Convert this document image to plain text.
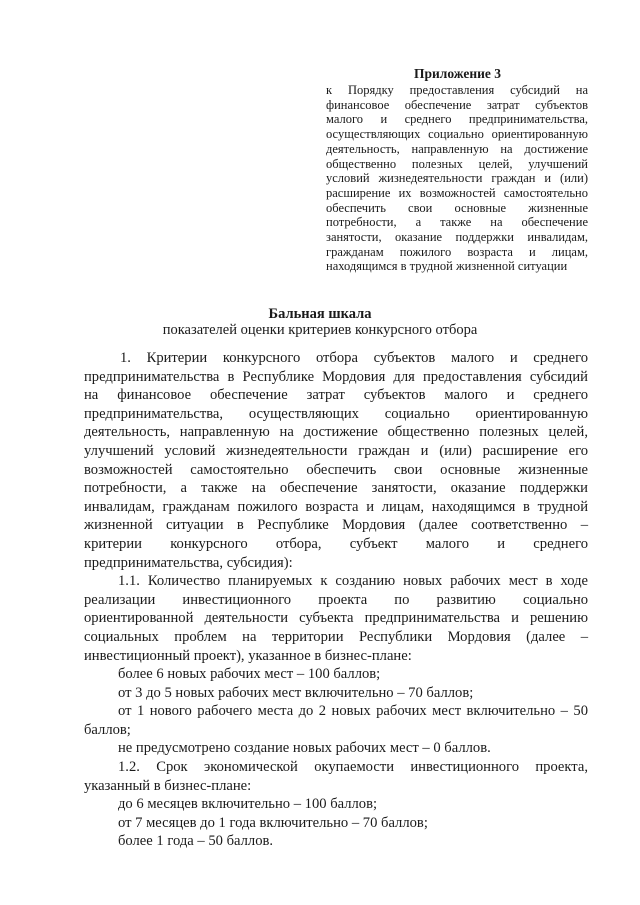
Приложение 3
к Порядку предоставления субсидий на
финансовое обеспечение затрат субъектов
малого и среднего предпринимательства,
осуществляющих социально ориентированную
деятельность, направленную на достижение
общественно полезных целей, улучшений
условий жизнедеятельности граждан и (или)
расширение их возможностей самостоятельно
обеспечить свои основные жизненные
потребности, а также на обеспечение
занятости, оказание поддержки инвалидам,
гражданам пожилого возраста и лицам,
находящимся в трудной жизненной ситуации
Бальная шкала
показателей оценки критериев конкурсного отбора
1. Критерии конкурсного отбора субъектов малого и среднего
предпринимательства в Республике Мордовия для предоставления субсидий
на финансовое обеспечение затрат субъектов малого и среднего
предпринимательства, осуществляющих социально ориентированную
деятельность, направленную на достижение общественно полезных целей,
улучшений условий жизнедеятельности граждан и (или) расширение его
возможностей самостоятельно обеспечить свои основные жизненные
потребности, а также на обеспечение занятости, оказание поддержки
инвалидам, гражданам пожилого возраста и лицам, находящимся в трудной
жизненной ситуации в Республике Мордовия (далее соответственно –
критерии конкурсного отбора, субъект малого и среднего
предпринимательства, субсидия):
1.1. Количество планируемых к созданию новых рабочих мест в ходе
реализации инвестиционного проекта по развитию социально
ориентированной деятельности субъекта предпринимательства и решению
социальных проблем на территории Республики Мордовия (далее –
инвестиционный проект), указанное в бизнес-плане:
более 6 новых рабочих мест – 100 баллов;
от 3 до 5 новых рабочих мест включительно – 70 баллов;
от 1 нового рабочего места до 2 новых рабочих мест включительно – 50
баллов;
не предусмотрено создание новых рабочих мест – 0 баллов.
1.2. Срок экономической окупаемости инвестиционного проекта,
указанный в бизнес-плане:
до 6 месяцев включительно – 100 баллов;
от 7 месяцев до 1 года включительно – 70 баллов;
более 1 года – 50 баллов.
